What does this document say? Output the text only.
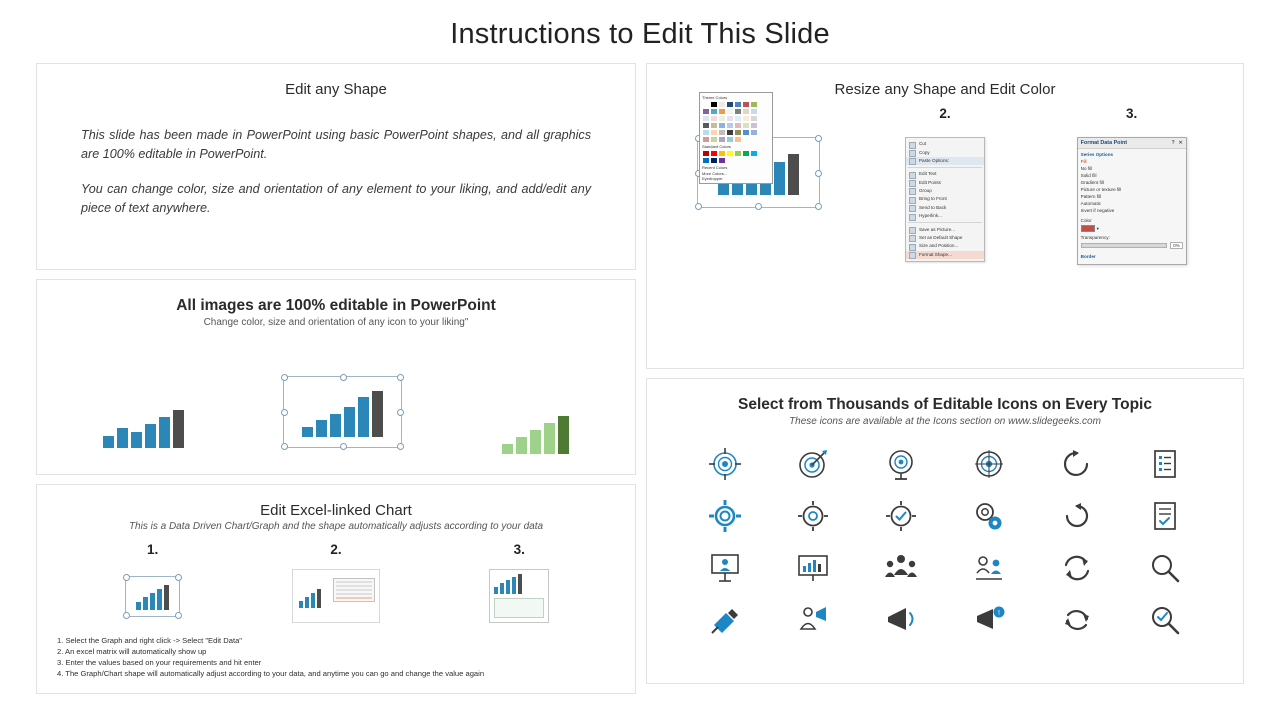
Instructions to Edit This Slide
Edit any Shape

This slide has been made in PowerPoint using basic PowerPoint shapes, and all graphics are 100% editable in PowerPoint.

You can change color, size and orientation of any element to your liking, and add/edit any piece of text anywhere.

All images are 100% editable in PowerPoint
Change color, size and orientation of any icon to your liking"
Edit Excel-linked Chart
This is a Data Driven Chart/Graph and the shape automatically adjusts according to your data
1.	2.	3.
1. Select the Graph and right click -> Select "Edit Data"
2. An excel matrix will automatically show up
3. Enter the values based on your requirements and hit enter
4. The Graph/Chart shape will automatically adjust according to your data, and anytime you can go and change the value again
Resize any Shape and Edit Color
2.
Cut
Copy
Paste Options:
Edit Text
Edit Points
Group
Bring to Front
Send to Back
Hyperlink...
Save as Picture...
Set as Default Shape
Size and Position...
Format Shape...
3.
Format Data Point	? ✕
Series Options
Fill
No fill
Solid fill
Gradient fill
Picture or texture fill
Pattern fill
Automatic
Invert if negative
Color
▾
Transparency:
0%
Border
Theme Colors
Standard Colors
Recent Colors
More Colors...
Eyedropper
Select from Thousands of Editable Icons on Every Topic
These icons are available at the Icons section on www.slidegeeks.com
!
